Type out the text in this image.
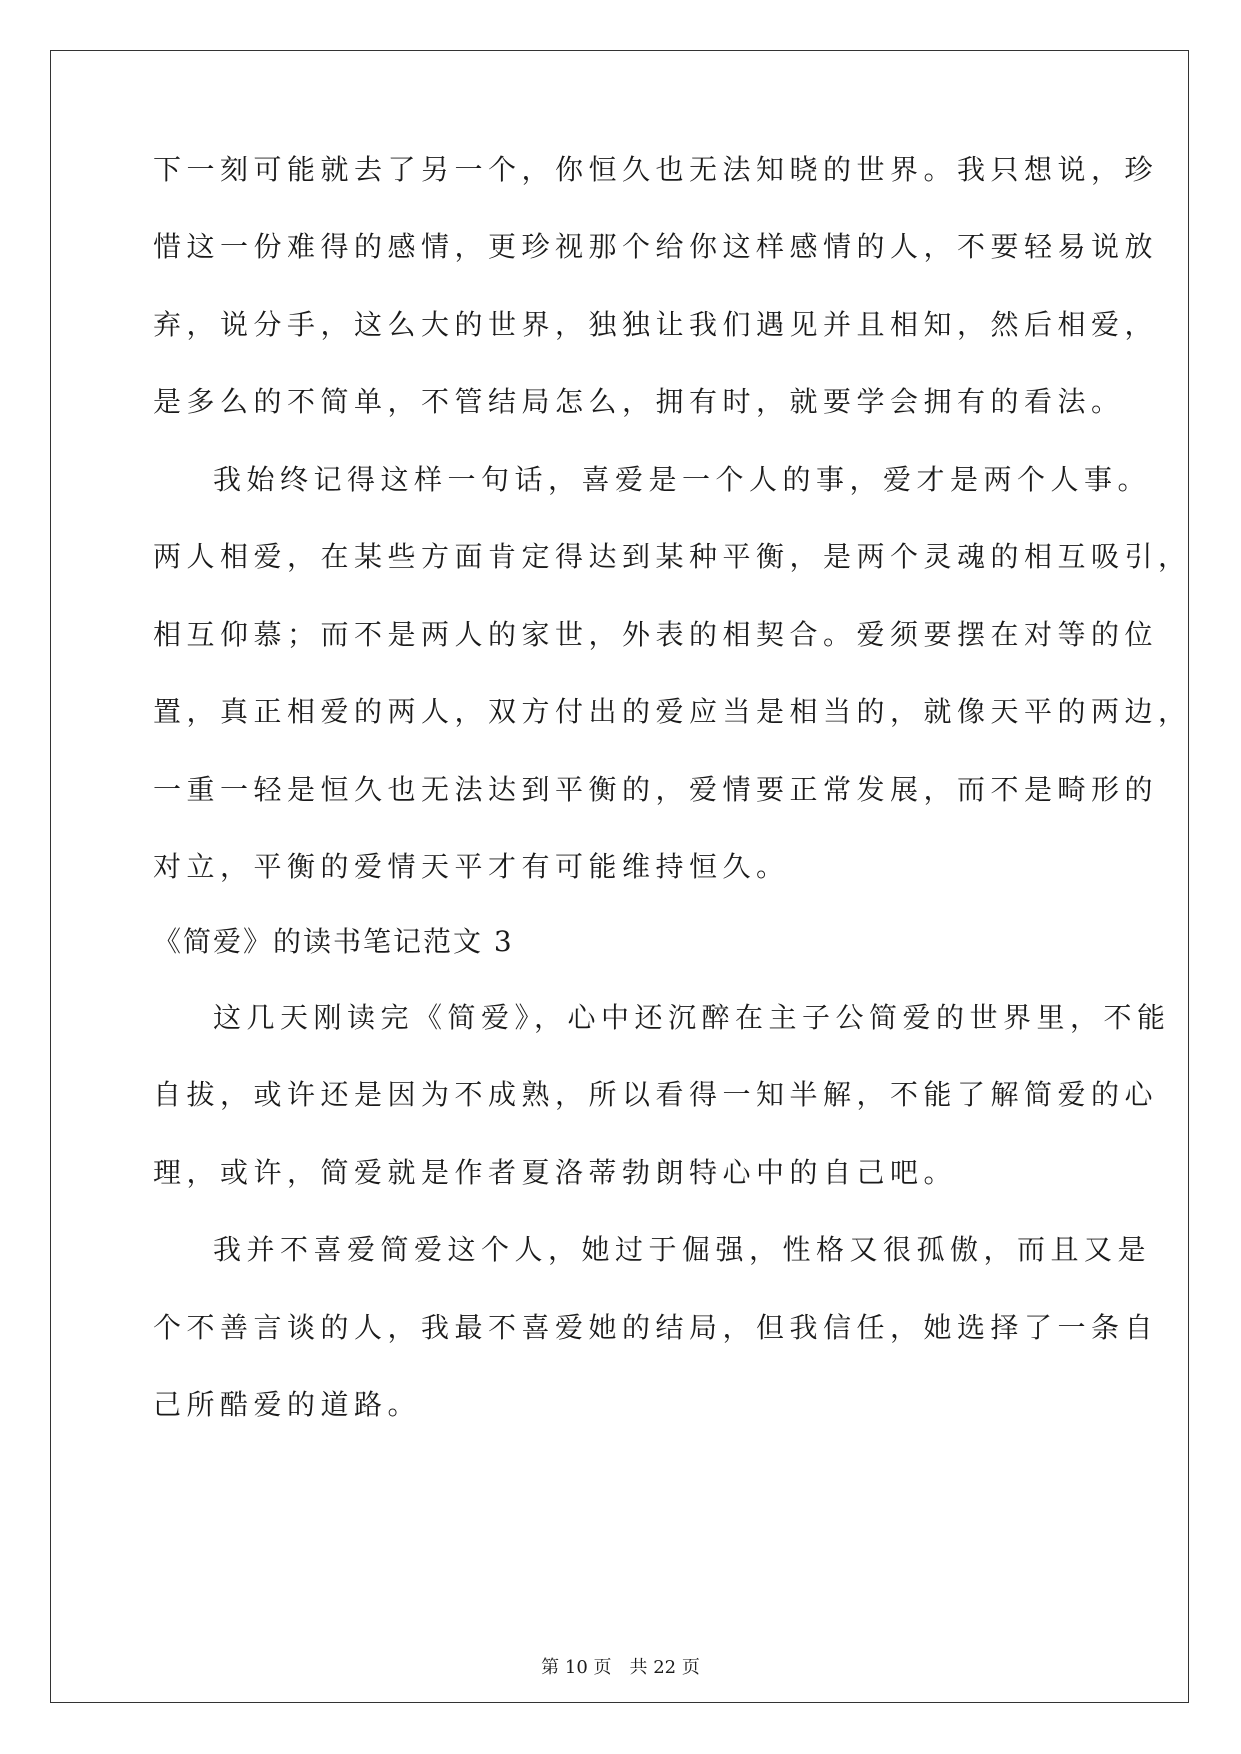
下一刻可能就去了另一个，你恒久也无法知晓的世界。我只想说，珍

惜这一份难得的感情，更珍视那个给你这样感情的人，不要轻易说放

弃，说分手，这么大的世界，独独让我们遇见并且相知，然后相爱，

是多么的不简单，不管结局怎么，拥有时，就要学会拥有的看法。

我始终记得这样一句话，喜爱是一个人的事，爱才是两个人事。

两人相爱，在某些方面肯定得达到某种平衡，是两个灵魂的相互吸引，

相互仰慕；而不是两人的家世，外表的相契合。爱须要摆在对等的位

置，真正相爱的两人，双方付出的爱应当是相当的，就像天平的两边，

一重一轻是恒久也无法达到平衡的，爱情要正常发展，而不是畸形的

对立，平衡的爱情天平才有可能维持恒久。

《简爱》的读书笔记范文 3

这几天刚读完《简爱》，心中还沉醉在主子公简爱的世界里，不能

自拔，或许还是因为不成熟，所以看得一知半解，不能了解简爱的心

理，或许，简爱就是作者夏洛蒂勃朗特心中的自己吧。

我并不喜爱简爱这个人，她过于倔强，性格又很孤傲，而且又是

个不善言谈的人，我最不喜爱她的结局，但我信任，她选择了一条自

己所酷爱的道路。

第 10 页　共 22 页
